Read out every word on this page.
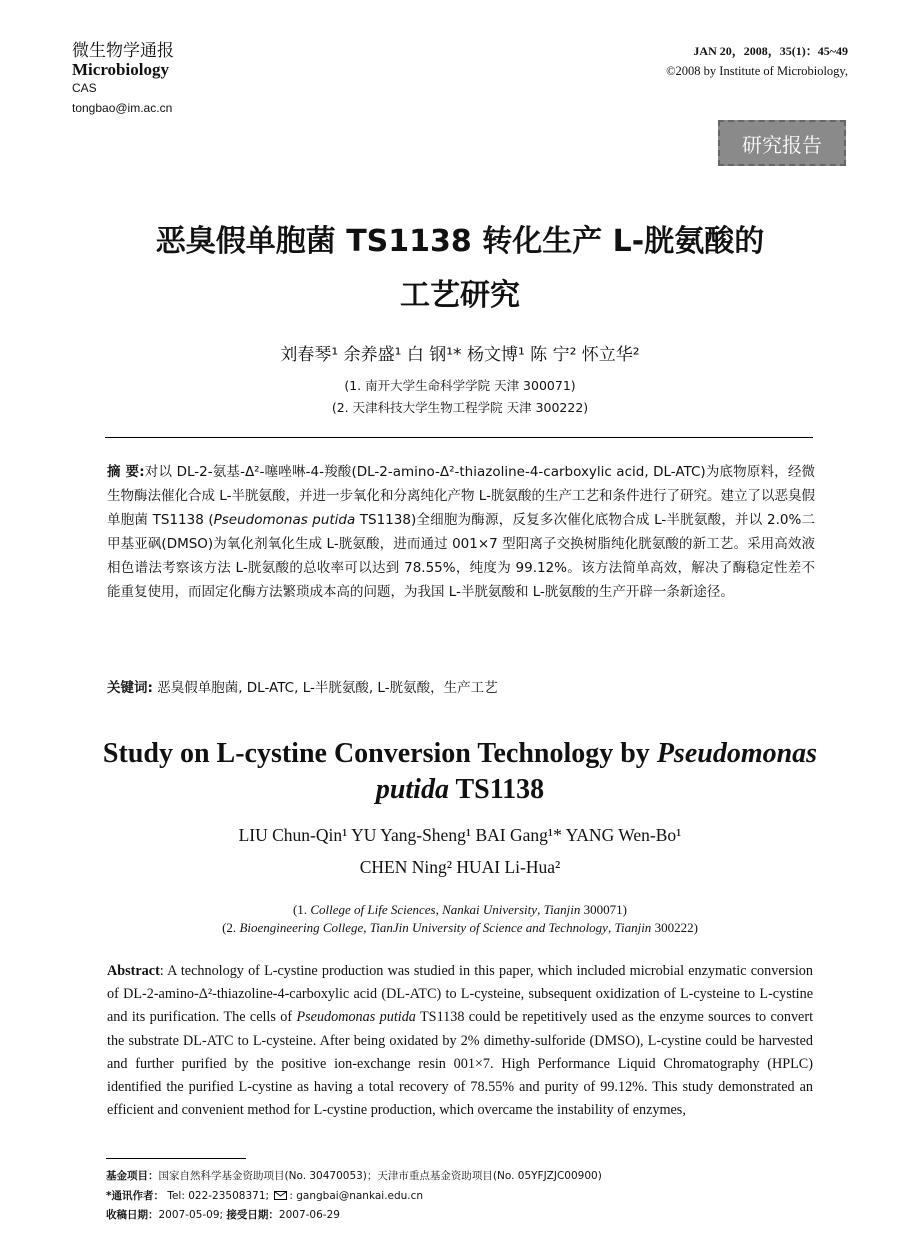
微生物学通报
Microbiology
CAS
tongbao@im.ac.cn
JAN 20，2008，35(1)：45~49
©2008 by Institute of Microbiology,
研究报告
恶臭假单胞菌 TS1138 转化生产 L-胱氨酸的
工艺研究
刘春琴¹ 余养盛¹ 白 钢¹* 杨文博¹ 陈 宁² 怀立华²
(1. 南开大学生命科学学院 天津 300071)
(2. 天津科技大学生物工程学院 天津 300222)
摘 要:对以 DL-2-氨基-Δ²-噻唑啉-4-羧酸(DL-2-amino-Δ²-thiazoline-4-carboxylic acid, DL-ATC)为底物原料，经微生物酶法催化合成 L-半胱氨酸，并进一步氧化和分离纯化产物 L-胱氨酸的生产工艺和条件进行了研究。建立了以恶臭假单胞菌 TS1138 (Pseudomonas putida TS1138)全细胞为酶源，反复多次催化底物合成 L-半胱氨酸，并以 2.0%二甲基亚砜(DMSO)为氧化剂氧化生成 L-胱氨酸，进而通过 001×7 型阳离子交换树脂纯化胱氨酸的新工艺。采用高效液相色谱法考察该方法 L-胱氨酸的总收率可以达到 78.55%，纯度为 99.12%。该方法简单高效，解决了酶稳定性差不能重复使用，而固定化酶方法繁琐成本高的问题，为我国 L-半胱氨酸和 L-胱氨酸的生产开辟一条新途径。
关键词: 恶臭假单胞菌, DL-ATC, L-半胱氨酸, L-胱氨酸，生产工艺
Study on L-cystine Conversion Technology by Pseudomonas
putida TS1138
LIU Chun-Qin¹ YU Yang-Sheng¹ BAI Gang¹* YANG Wen-Bo¹
CHEN Ning² HUAI Li-Hua²
(1. College of Life Sciences, Nankai University, Tianjin 300071)
(2. Bioengineering College, TianJin University of Science and Technology, Tianjin 300222)
Abstract: A technology of L-cystine production was studied in this paper, which included microbial enzymatic conversion of DL-2-amino-Δ²-thiazoline-4-carboxylic acid (DL-ATC) to L-cysteine, subsequent oxidization of L-cysteine to L-cystine and its purification. The cells of Pseudomonas putida TS1138 could be repetitively used as the enzyme sources to convert the substrate DL-ATC to L-cysteine. After being oxidated by 2% dimethy-sulforide (DMSO), L-cystine could be harvested and further purified by the positive ion-exchange resin 001×7. High Performance Liquid Chromatography (HPLC) identified the purified L-cystine as having a total recovery of 78.55% and purity of 99.12%. This study demonstrated an efficient and convenient method for L-cystine production, which overcame the instability of enzymes,
基金项目：国家自然科学基金资助项目(No. 30470053)；天津市重点基金资助项目(No. 05YFJZJC00900)
*通讯作者： Tel: 022-23508371; : gangbai@nankai.edu.cn
收稿日期：2007-05-09; 接受日期：2007-06-29
